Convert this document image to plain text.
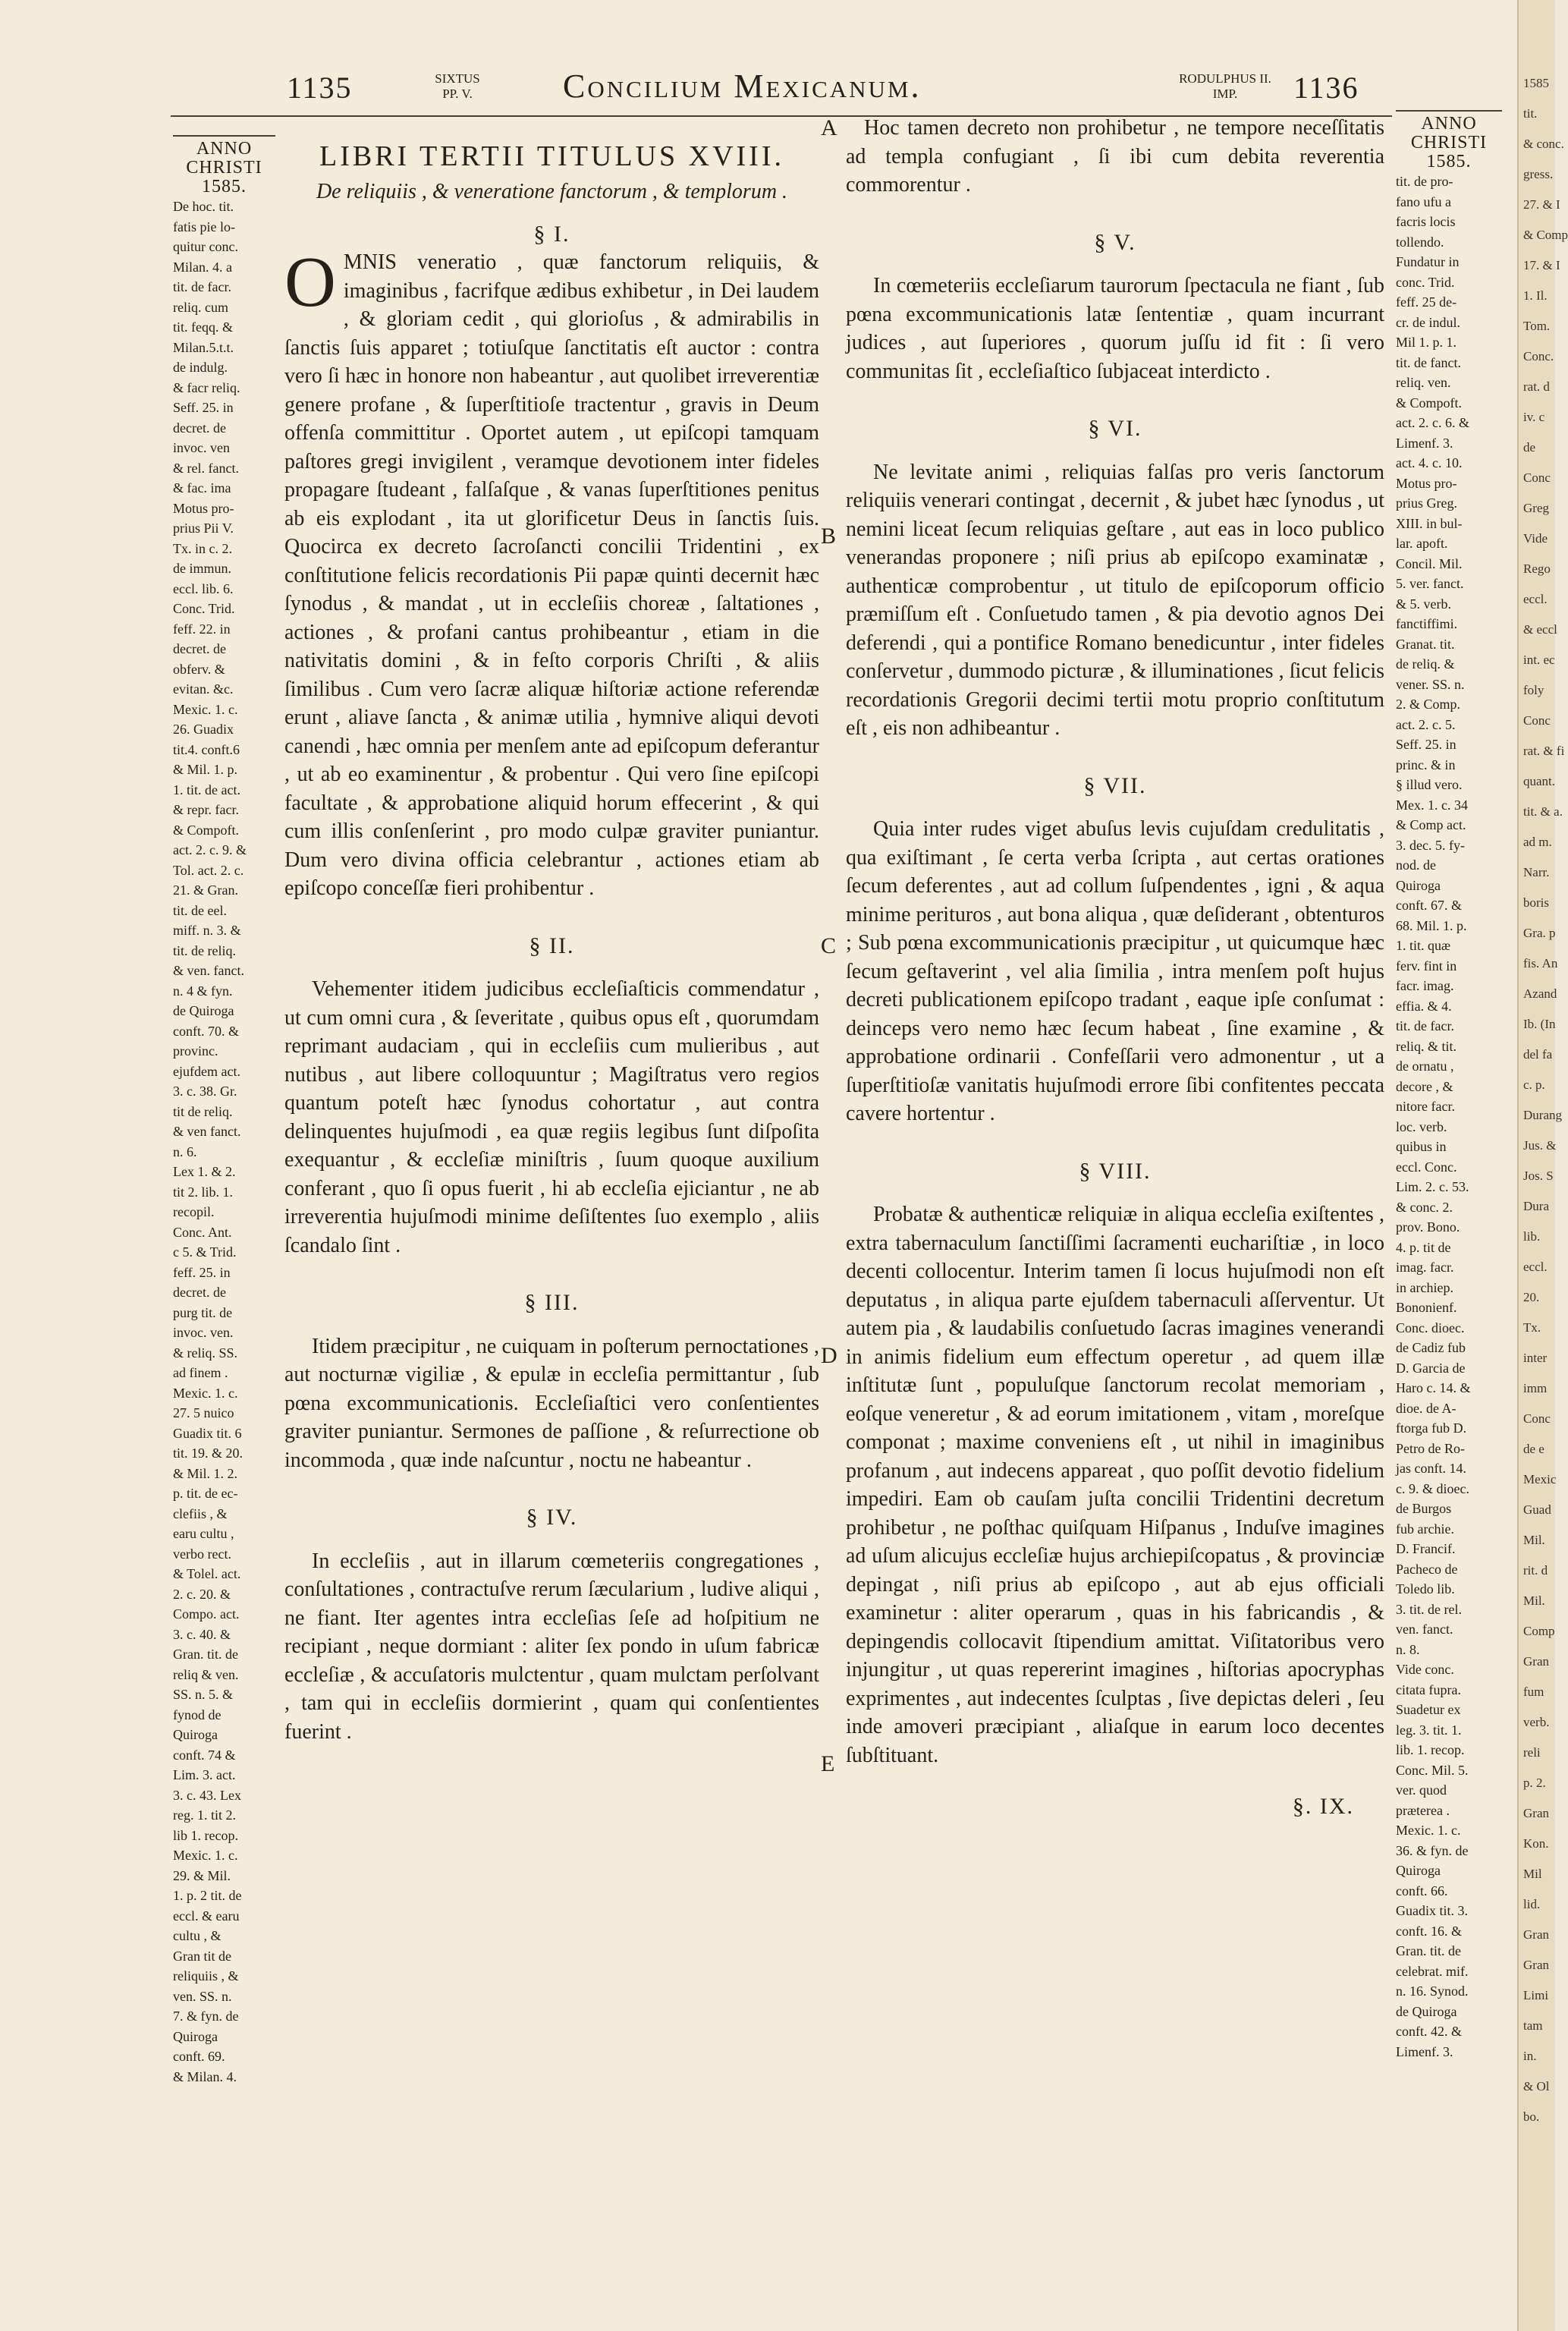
1135	SIXTUS
PP. V.	Concilium Mexicanum.	RODULPHUS II.
IMP.	1136
ANNO
CHRISTI
1585.
De hoc. tit.
fatis pie lo-
quitur conc.
Milan. 4. a
tit. de facr.
reliq. cum
tit. feqq. &
Milan.5.t.t.
de indulg.
& facr reliq.
Seff. 25. in
decret. de
invoc. ven
& rel. fanct.
& fac. ima
Motus pro-
prius Pii V.
Tx. in c. 2.
de immun.
eccl. lib. 6.
Conc. Trid.
feff. 22. in
decret. de
obferv. &
evitan. &c.
Mexic. 1. c.
26. Guadix
tit.4. conft.6
& Mil. 1. p.
1. tit. de act.
& repr. facr.
& Compoft.
act. 2. c. 9. &
Tol. act. 2. c.
21. & Gran.
tit. de eel.
miff. n. 3. &
tit. de reliq.
& ven. fanct.
n. 4 & fyn.
de Quiroga
conft. 70. &
provinc.
ejufdem act.
3. c. 38. Gr.
tit de reliq.
& ven fanct.
n. 6.
Lex 1. & 2.
tit 2. lib. 1.
recopil.
Conc. Ant.
c 5. & Trid.
feff. 25. in
decret. de
purg tit. de
invoc. ven.
& reliq. SS.
ad finem .
Mexic. 1. c.
27. 5 nuico
Guadix tit. 6
tit. 19. & 20.
& Mil. 1. 2.
p. tit. de ec-
clefiis , &
earu cultu ,
verbo rect.
& Tolel. act.
2. c. 20. &
Compo. act.
3. c. 40. &
Gran. tit. de
reliq & ven.
SS. n. 5. &
fynod de
Quiroga
conft. 74 &
Lim. 3. act.
3. c. 43. Lex
reg. 1. tit 2.
lib 1. recop.
Mexic. 1. c.
29. & Mil.
1. p. 2 tit. de
eccl. & earu
cultu , &
Gran tit de
reliquiis , &
ven. SS. n.
7. & fyn. de
Quiroga
conft. 69.
& Milan. 4.
LIBRI TERTII TITULUS XVIII.
De reliquiis , & veneratione fanctorum , & templorum .
§ I.

OMNIS veneratio , quæ fanctorum reliquiis, & imaginibus , facrifque ædibus exhibetur , in Dei laudem , & gloriam cedit , qui glorioſus , & admirabilis in ſanctis ſuis apparet ; totiuſque ſanctitatis eſt auctor : contra vero ſi hæc in honore non habeantur , aut quolibet irreverentiæ genere profane , & ſuperſtitioſe tractentur , gravis in Deum offenſa committitur . Oportet autem , ut epiſcopi tamquam paſtores gregi invigilent , veramque devotionem inter fideles propagare ſtudeant , falſaſque , & vanas ſuperſtitiones penitus ab eis explodant , ita ut glorificetur Deus in ſanctis ſuis. Quocirca ex decreto ſacroſancti concilii Tridentini , ex conſtitutione felicis recordationis Pii papæ quinti decernit hæc ſynodus , & mandat , ut in eccleſiis choreæ , ſaltationes , actiones , & profani cantus prohibeantur , etiam in die nativitatis domini , & in feſto corporis Chriſti , & aliis ſimilibus . Cum vero ſacræ aliquæ hiſtoriæ actione referendæ erunt , aliave ſancta , & animæ utilia , hymnive aliqui devoti canendi , hæc omnia per menſem ante ad epiſcopum deferantur , ut ab eo examinentur , & probentur . Qui vero ſine epiſcopi facultate , & approbatione aliquid horum effecerint , & qui cum illis conſenſerint , pro modo culpæ graviter puniantur. Dum vero divina officia celebrantur , actiones etiam ab epiſcopo conceſſæ fieri prohibentur .

§ II.

Vehementer itidem judicibus eccleſiaſticis commendatur , ut cum omni cura , & ſeveritate , quibus opus eſt , quorumdam reprimant audaciam , qui in eccleſiis cum mulieribus , aut nutibus , aut libere colloquuntur ; Magiſtratus vero regios quantum poteſt hæc ſynodus cohortatur , aut contra delinquentes hujuſmodi , ea quæ regiis legibus ſunt diſpoſita exequantur , & eccleſiæ miniſtris , ſuum quoque auxilium conferant , quo ſi opus fuerit , hi ab eccleſia ejiciantur , ne ab irreverentia hujuſmodi minime deſiſtentes ſuo exemplo , aliis ſcandalo ſint .

§ III.

Itidem præcipitur , ne cuiquam in poſterum pernoctationes , aut nocturnæ vigiliæ , & epulæ in eccleſia permittantur , ſub pœna excommunicationis. Eccleſiaſtici vero conſentientes graviter puniantur. Sermones de paſſione , & reſurrectione ob incommoda , quæ inde naſcuntur , noctu ne habeantur .

§ IV.

In eccleſiis , aut in illarum cœmeteriis congregationes , conſultationes , contractuſve rerum ſæcularium , ludive aliqui , ne fiant. Iter agentes intra eccleſias ſeſe ad hoſpitium ne recipiant , neque dormiant : aliter ſex pondo in uſum fabricæ eccleſiæ , & accuſatoris mulctentur , quam mulctam perſolvant , tam qui in eccleſiis dormierint , quam qui conſentientes fuerint .

A
B
C
D
E

Hoc tamen decreto non prohibetur , ne tempore neceſſitatis ad templa confugiant , ſi ibi cum debita reverentia commorentur .

§ V.

In cœmeteriis eccleſiarum taurorum ſpectacula ne fiant , ſub pœna excommunicationis latæ ſententiæ , quam incurrant judices , aut ſuperiores , quorum juſſu id fit : ſi vero communitas ſit , eccleſiaſtico ſubjaceat interdicto .

§ VI.

Ne levitate animi , reliquias falſas pro veris ſanctorum reliquiis venerari contingat , decernit , & jubet hæc ſynodus , ut nemini liceat ſecum reliquias geſtare , aut eas in loco publico venerandas proponere ; niſi prius ab epiſcopo examinatæ , authenticæ comprobentur , ut titulo de epiſcoporum officio præmiſſum eſt . Conſuetudo tamen , & pia devotio agnos Dei deferendi , qui a pontifice Romano benedicuntur , inter fideles conſervetur , dummodo picturæ , & illuminationes , ſicut felicis recordationis Gregorii decimi tertii motu proprio conſtitutum eſt , eis non adhibeantur .

§ VII.

Quia inter rudes viget abuſus levis cujuſdam credulitatis , qua exiſtimant , ſe certa verba ſcripta , aut certas orationes ſecum deferentes , aut ad collum ſuſpendentes , igni , & aqua minime perituros , aut bona aliqua , quæ deſiderant , obtenturos ; Sub pœna excommunicationis præcipitur , ut quicumque hæc ſecum geſtaverint , vel alia ſimilia , intra menſem poſt hujus decreti publicationem epiſcopo tradant , eaque ipſe conſumat : deinceps vero nemo hæc ſecum habeat , ſine examine , & approbatione ordinarii . Confeſſarii vero admonentur , ut a ſuperſtitioſæ vanitatis hujuſmodi errore ſibi confitentes peccata cavere hortentur .

§ VIII.

Probatæ & authenticæ reliquiæ in aliqua eccleſia exiſtentes , extra tabernaculum ſanctiſſimi ſacramenti euchariſtiæ , in loco decenti collocentur. Interim tamen ſi locus hujuſmodi non eſt deputatus , in aliqua parte ejuſdem tabernaculi aſſerventur. Ut autem pia , & laudabilis conſuetudo ſacras imagines venerandi in animis fidelium eum effectum operetur , ad quem illæ inſtitutæ ſunt , populuſque ſanctorum recolat memoriam , eoſque veneretur , & ad eorum imitationem , vitam , moreſque componat ; maxime conveniens eſt , ut nihil in imaginibus profanum , aut indecens appareat , quo poſſit devotio fidelium impediri. Eam ob cauſam juſta concilii Tridentini decretum prohibetur , ne poſthac quiſquam Hiſpanus , Induſve imagines ad uſum alicujus eccleſiæ hujus archiepiſcopatus , & provinciæ depingat , niſi prius ab epiſcopo , aut ab ejus officiali examinetur : aliter operarum , quas in his fabricandis , & depingendis collocavit ſtipendium amittat. Viſitatoribus vero injungitur , ut quas repererint imagines , hiſtorias apocryphas exprimentes , aut indecentes ſculptas , ſive depictas deleri , ſeu inde amoveri præcipiant , aliaſque in earum loco decentes ſubſtituant.

§. IX.
ANNO
CHRISTI
1585.
tit. de pro-
fano ufu a
facris locis
tollendo.
Fundatur in
conc. Trid.
feff. 25 de-
cr. de indul.
Mil 1. p. 1.
tit. de fanct.
reliq. ven.
& Compoft.
act. 2. c. 6. &
Limenf. 3.
act. 4. c. 10.
Motus pro-
prius Greg.
XIII. in bul-
lar. apoft.
Concil. Mil.
5. ver. fanct.
& 5. verb.
fanctiffimi.
Granat. tit.
de reliq. &
vener. SS. n.
2. & Comp.
act. 2. c. 5.
Seff. 25. in
princ. & in
§ illud vero.
Mex. 1. c. 34
& Comp act.
3. dec. 5. fy-
nod. de
Quiroga
conft. 67. &
68. Mil. 1. p.
1. tit. quæ
ferv. fint in
facr. imag.
effia. & 4.
tit. de facr.
reliq. & tit.
de ornatu ,
decore , &
nitore facr.
loc. verb.
quibus in
eccl. Conc.
Lim. 2. c. 53.
& conc. 2.
prov. Bono.
4. p. tit de
imag. facr.
in archiep.
Bononienf.
Conc. dioec.
de Cadiz fub
D. Garcia de
Haro c. 14. &
dioe. de A-
ftorga fub D.
Petro de Ro-
jas conft. 14.
c. 9. & dioec.
de Burgos
fub archie.
D. Francif.
Pacheco de
Toledo lib.
3. tit. de rel.
ven. fanct.
n. 8.
Vide conc.
citata fupra.
Suadetur ex
leg. 3. tit. 1.
lib. 1. recop.
Conc. Mil. 5.
ver. quod
præterea .
Mexic. 1. c.
36. & fyn. de
Quiroga
conft. 66.
Guadix tit. 3.
conft. 16. &
Gran. tit. de
celebrat. mif.
n. 16. Synod.
de Quiroga
conft. 42. &
Limenf. 3.
1585
tit.
& conc.
gress.
27. & I
& Comp
17. & I
1. Il.
Tom.
Conc.
rat. d
iv. c
de
Conc
Greg
Vide
Rego
eccl.
& eccl
int. ec
foly
Conc
rat. & fi
quant.
tit. & a.
ad m.
Narr.
boris
Gra. p
fis. An
Azand
Ib. (In
del fa
c. p.
Durang
Jus. &
Jos. S
Dura
lib.
eccl.
20.
Tx.
inter
imm
Conc
de e
Mexic
Guad
Mil.
rit. d
Mil.
Comp
Gran
fum
verb.
reli
p. 2.
Gran
Kon.
Mil
lid.
Gran
Gran
Limi
tam
in.
& Ol
bo.
